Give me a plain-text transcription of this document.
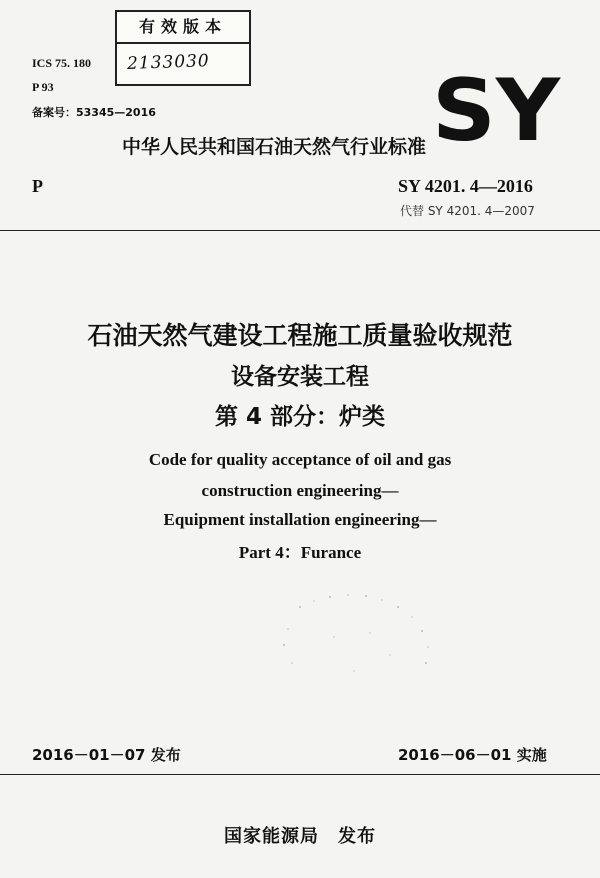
ICS 75. 180
P 93
备案号：53345—2016
有效版本
2133030	SY
中华人民共和国石油天然气行业标准
P	SY 4201. 4—2016
代替 SY 4201. 4—2007
石油天然气建设工程施工质量验收规范
设备安装工程
第 4 部分：炉类
Code for quality acceptance of oil and gas
construction engineering—
Equipment installation engineering—
Part 4：Furance
2016－01－07 发布	2016－06－01 实施
国家能源局　发布
